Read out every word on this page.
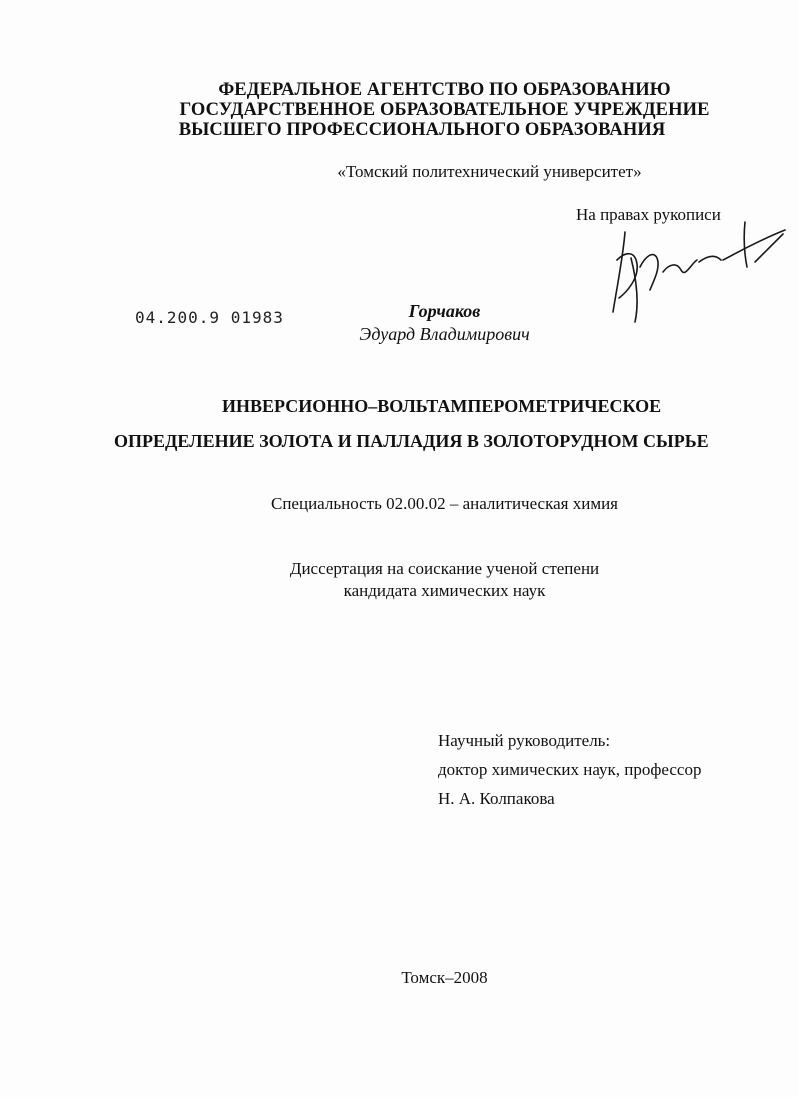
ФЕДЕРАЛЬНОЕ АГЕНТСТВО ПО ОБРАЗОВАНИЮ
ГОСУДАРСТВЕННОЕ ОБРАЗОВАТЕЛЬНОЕ УЧРЕЖДЕНИЕ
ВЫСШЕГО ПРОФЕССИОНАЛЬНОГО ОБРАЗОВАНИЯ
«Томский политехнический университет»
На правах рукописи
04.200.9 01983	Горчаков
Эдуард Владимирович
ИНВЕРСИОННО–ВОЛЬТАМПЕРОМЕТРИЧЕСКОЕ
ОПРЕДЕЛЕНИЕ ЗОЛОТА И ПАЛЛАДИЯ В ЗОЛОТОРУДНОМ СЫРЬЕ
Специальность 02.00.02 – аналитическая химия
Диссертация на соискание ученой степени
кандидата химических наук
Научный руководитель:
доктор химических наук, профессор
Н. А. Колпакова
Томск–2008
